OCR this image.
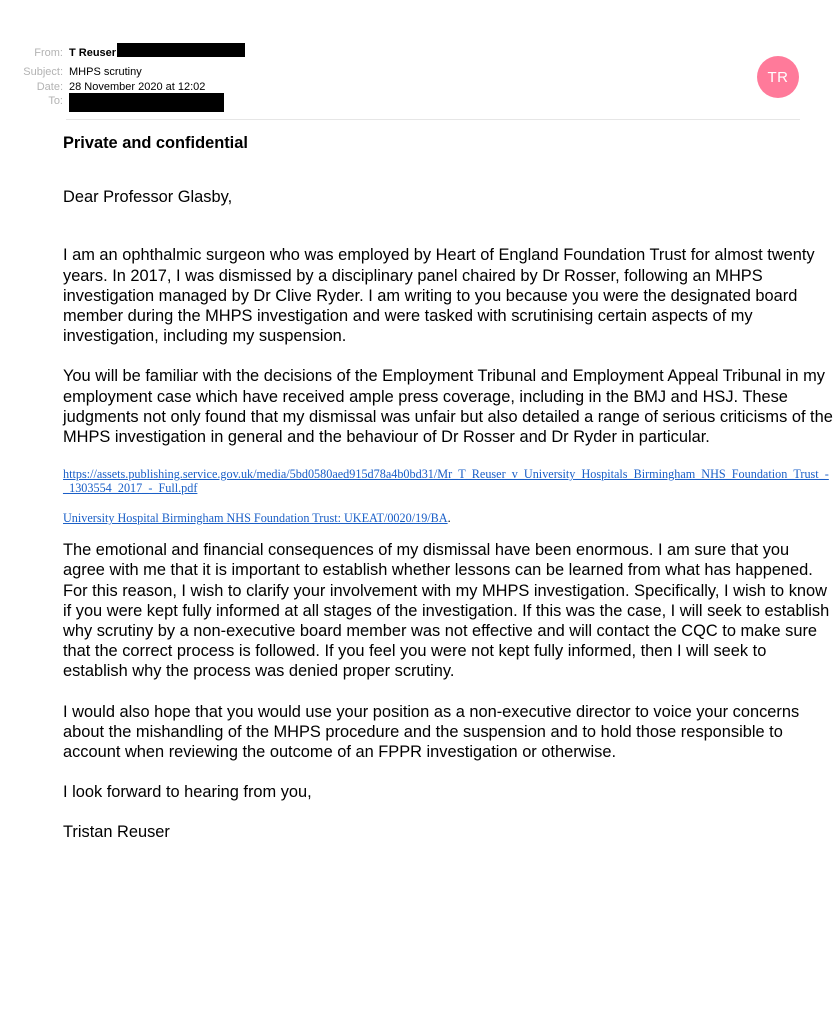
From: T Reuser
Subject: MHPS scrutiny
Date: 28 November 2020 at 12:02
To:
TR
Private and confidential
Dear Professor Glasby,
I am an ophthalmic surgeon who was employed by Heart of England Foundation Trust for almost twenty years. In 2017, I was dismissed by a disciplinary panel chaired by Dr Rosser, following an MHPS investigation managed by Dr Clive Ryder. I am writing to you because you were the designated board member during the MHPS investigation and were tasked with scrutinising certain aspects of my investigation, including my suspension.
You will be familiar with the decisions of the Employment Tribunal and Employment Appeal Tribunal in my employment case which have received ample press coverage, including in the BMJ and HSJ. These judgments not only found that my dismissal was unfair but also detailed a range of serious criticisms of the MHPS investigation in general and the behaviour of Dr Rosser and Dr Ryder in particular.
https://assets.publishing.service.gov.uk/media/5bd0580aed915d78a4b0bd31/Mr_T_Reuser_v_University_Hospitals_Birmingham_NHS_Foundation_Trust_-_1303554_2017_-_Full.pdf
University Hospital Birmingham NHS Foundation Trust: UKEAT/0020/19/BA.
The emotional and financial consequences of my dismissal have been enormous. I am sure that you agree with me that it is important to establish whether lessons can be learned from what has happened. For this reason, I wish to clarify your involvement with my MHPS investigation. Specifically, I wish to know if you were kept fully informed at all stages of the investigation. If this was the case, I will seek to establish why scrutiny by a non-executive board member was not effective and will contact the CQC to make sure that the correct process is followed. If you feel you were not kept fully informed, then I will seek to establish why the process was denied proper scrutiny.
I would also hope that you would use your position as a non-executive director to voice your concerns about the mishandling of the MHPS procedure and the suspension and to hold those responsible to account when reviewing the outcome of an FPPR investigation or otherwise.
I look forward to hearing from you,
Tristan Reuser
